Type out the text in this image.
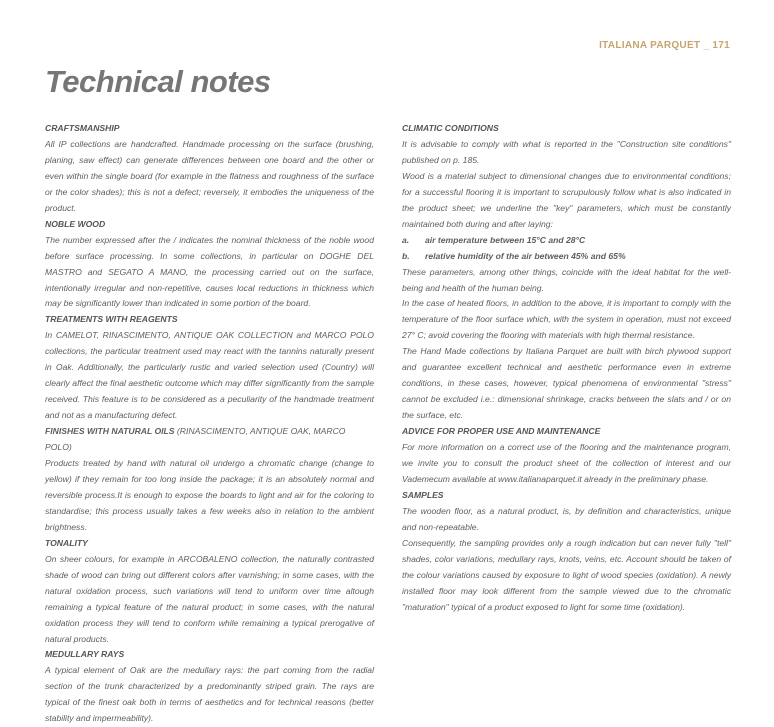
ITALIANA PARQUET _ 171
Technical notes

CRAFTSMANSHIP

All IP collections are handcrafted. Handmade processing on the surface (brushing, planing, saw effect) can generate differences between one board and the other or even within the single board (for example in the flatness and roughness of the surface or the color shades); this is not a defect; reversely, it embodies the uniqueness of the product.

NOBLE WOOD

The number expressed after the / indicates the nominal thickness of the noble wood before surface processing. In some collections, in particular on DOGHE DEL MASTRO and SEGATO A MANO, the processing carried out on the surface, intentionally irregular and non-repetitive, causes local reductions in thickness which may be significantly lower than indicated in some portion of the board.

TREATMENTS WITH REAGENTS

In CAMELOT, RINASCIMENTO, ANTIQUE OAK COLLECTION and MARCO POLO collections, the particular treatment used may react with the tannins naturally present in Oak. Additionally, the particularly rustic and varied selection used (Country) will clearly affect the final aesthetic outcome which may differ significantly from the sample received. This feature is to be considered as a peculiarity of the handmade treatment and not as a manufacturing defect.

FINISHES WITH NATURAL OILS (RINASCIMENTO, ANTIQUE OAK, MARCO POLO)

Products treated by hand with natural oil undergo a chromatic change (change to yellow) if they remain for too long inside the package; it is an absolutely normal and reversible process.It is enough to expose the boards to light and air for the coloring to standardise; this process usually takes a few weeks also in relation to the ambient brightness.

TONALITY

On sheer colours, for example in ARCOBALENO collection, the naturally contrasted shade of wood can bring out different colors after varnishing; in some cases, with the natural oxidation process, such variations will tend to uniform over time altough remaining a typical feature of the natural product; in some cases, with the natural oxidation process they will tend to conform while remaining a typical prerogative of natural products.

MEDULLARY RAYS

A typical element of Oak are the medullary rays: the part coming from the radial section of the trunk characterized by a predominantly striped grain. The rays are typical of the finest oak both in terms of aesthetics and for technical reasons (better stability and impermeability).

CLIMATIC CONDITIONS

It is advisable to comply with what is reported in the "Construction site conditions" published on p. 185.

Wood is a material subject to dimensional changes due to environmental conditions; for a successful flooring it is important to scrupulously follow what is also indicated in the product sheet; we underline the "key" parameters, which must be constantly maintained both during and after laying:

a.	air temperature between 15°C and 28°C
b.	relative humidity of the air between 45% and 65%

These parameters, among other things, coincide with the ideal habitat for the well-being and health of the human being.

In the case of heated floors, in addition to the above, it is important to comply with the temperature of the floor surface which, with the system in operation, must not exceed 27° C; avoid covering the flooring with materials with high thermal resistance.

The Hand Made collections by Italiana Parquet are built with birch plywood support and guarantee excellent technical and aesthetic performance even in extreme conditions, in these cases, however, typical phenomena of environmental "stress" cannot be excluded i.e.: dimensional shrinkage, cracks between the slats and / or on the surface, etc.

ADVICE FOR PROPER USE AND MAINTENANCE

For more information on a correct use of the flooring and the maintenance program, we invite you to consult the product sheet of the collection of interest and our Vademecum available at www.italianaparquet.it already in the preliminary phase.

SAMPLES

The wooden floor, as a natural product, is, by definition and characteristics, unique and non-repeatable.

Consequently, the sampling provides only a rough indication but can never fully "tell" shades, color variations, medullary rays, knots, veins, etc. Account should be taken of the colour variations caused by exposure to light of wood species (oxidation). A newly installed floor may look different from the sample viewed due to the chromatic "maturation" typical of a product exposed to light for some time (oxidation).
